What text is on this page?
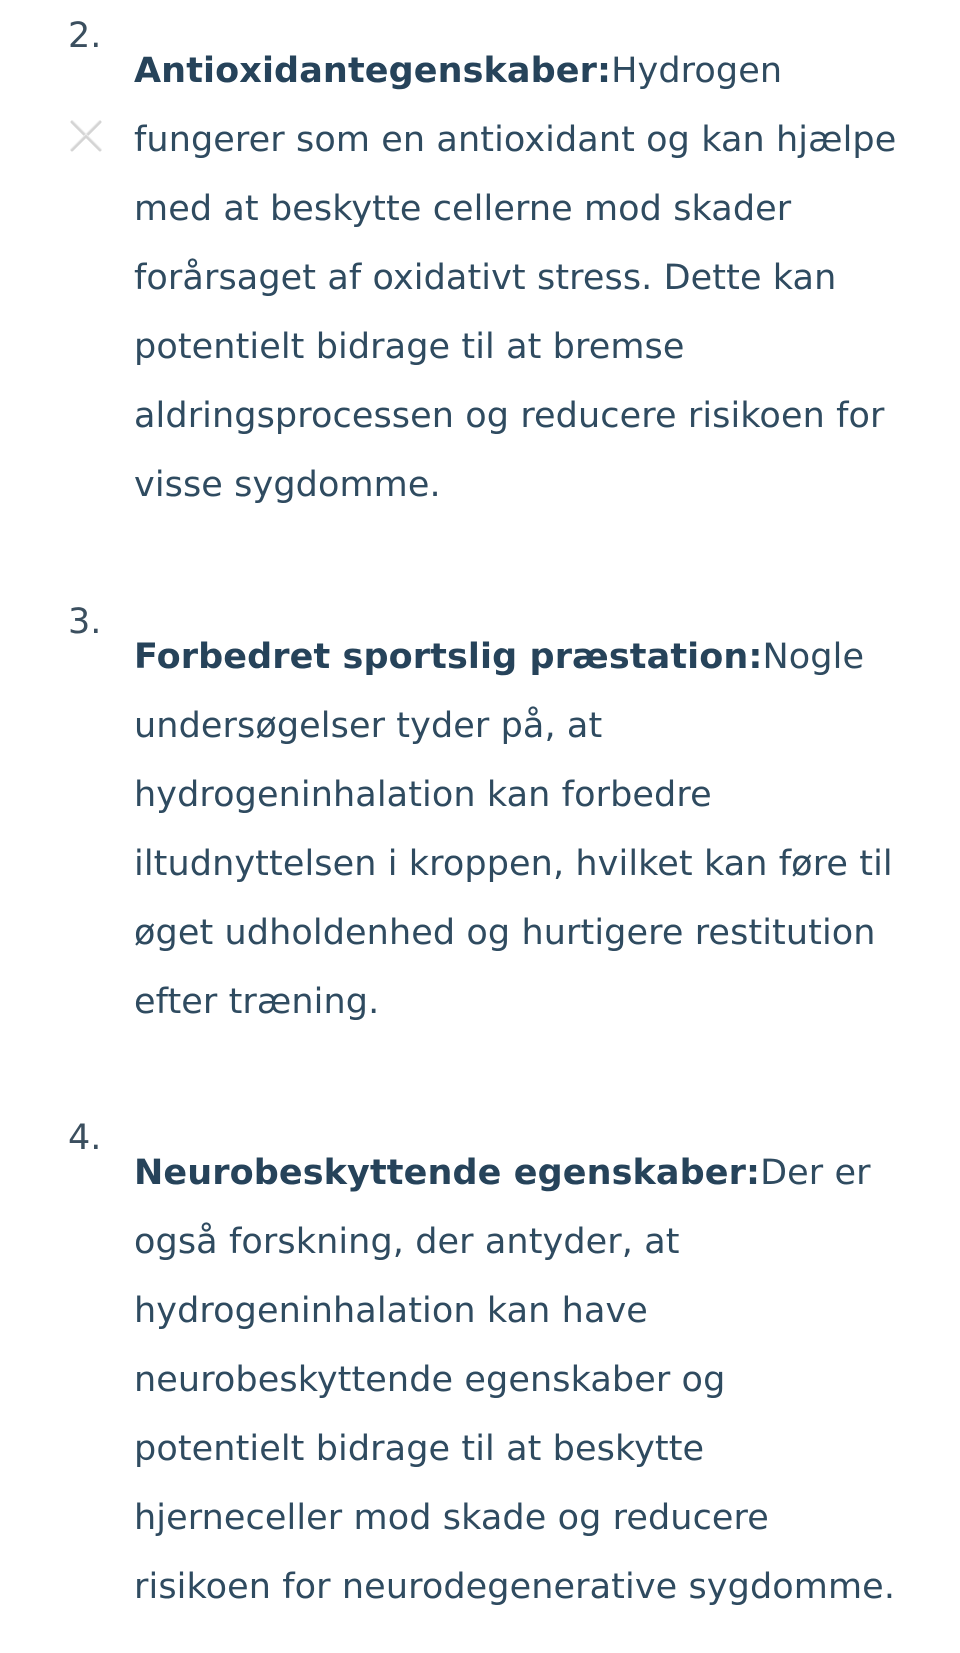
2.

Antioxidantegenskaber:Hydrogen fungerer som en antioxidant og kan hjælpe med at beskytte cellerne mod skader forårsaget af oxidativt stress. Dette kan potentielt bidrage til at bremse aldringsprocessen og reducere risikoen for visse sygdomme.

3.

Forbedret sportslig præstation:Nogle undersøgelser tyder på, at hydrogeninhalation kan forbedre iltudnyttelsen i kroppen, hvilket kan føre til øget udholdenhed og hurtigere restitution efter træning.

4.

Neurobeskyttende egenskaber:Der er også forskning, der antyder, at hydrogeninhalation kan have neurobeskyttende egenskaber og potentielt bidrage til at beskytte hjerneceller mod skade og reducere risikoen for neurodegenerative sygdomme.
